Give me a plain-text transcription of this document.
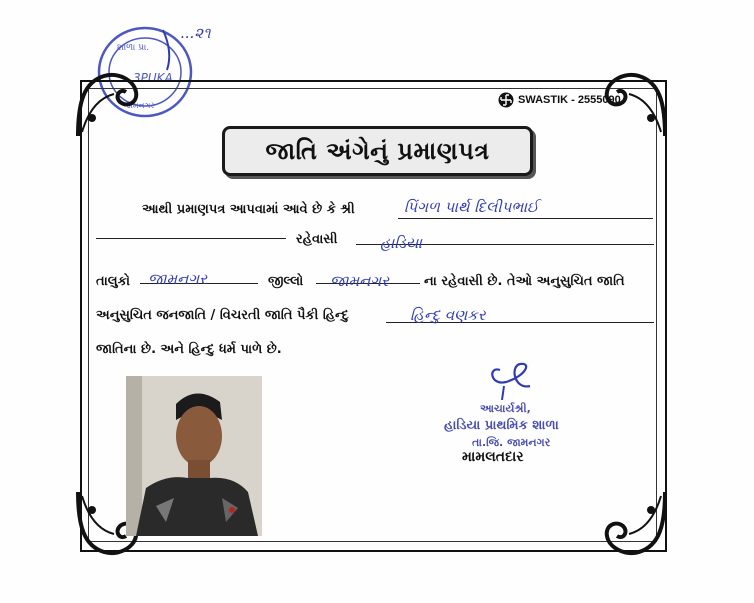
શાળા પ્રા.
3PUKA
જામનગર
...૨૧
SWASTIK - 2555090
જાતિ અંગેનું પ્રમાણપત્ર
આથી પ્રમાણપત્ર આપવામાં આવે છે કે શ્રી	પિંગળ પાર્થ દિલીપભાઈ
રહેવાસી	હાડિયા
તાલુકો જામનગર	જીલ્લો જામનગર	ના રહેવાસી છે. તેઓ અનુસુચિત જાતિ
અનુસુચિત જનજાતિ / વિચરતી જાતિ પૈકી હિન્દુ	હિન્દુ વણકર
જાતિના છે. અને હિન્દુ ધર્મ પાળે છે.
આચાર્યશ્રી,
હાડિયા પ્રાથમિક શાળા
તા.જિ. જામનગર
મામલતદાર
